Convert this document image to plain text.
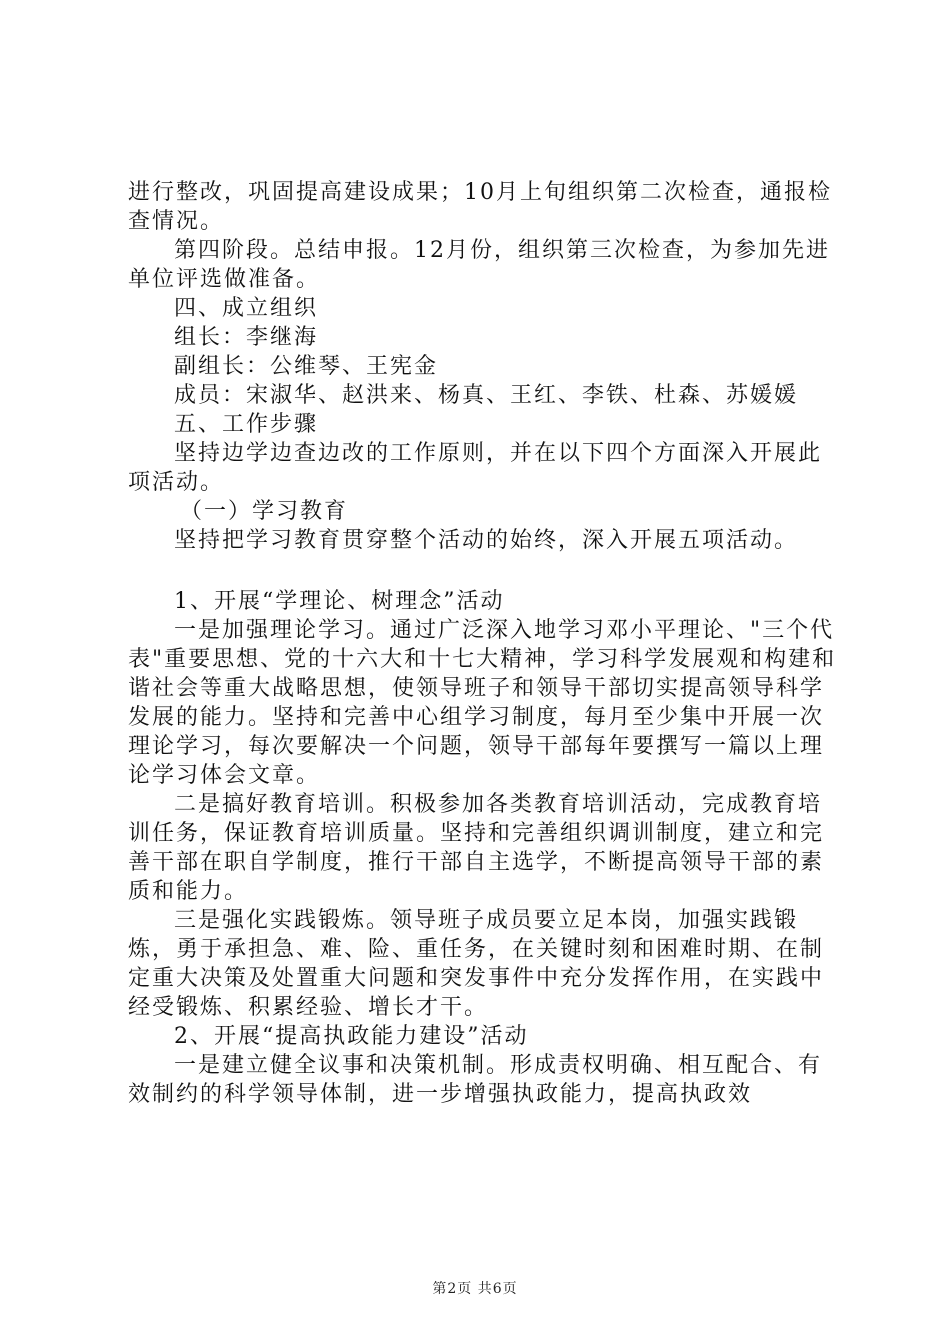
进行整改，巩固提高建设成果；10月上旬组织第二次检查，通报检查情况。

第四阶段。总结申报。12月份，组织第三次检查，为参加先进单位评选做准备。

四、成立组织

组长：李继海

副组长：公维琴、王宪金

成员：宋淑华、赵洪来、杨真、王红、李铁、杜森、苏媛媛

五、工作步骤

坚持边学边查边改的工作原则，并在以下四个方面深入开展此项活动。

（一）学习教育

坚持把学习教育贯穿整个活动的始终，深入开展五项活动。

1、开展“学理论、树理念”活动

一是加强理论学习。通过广泛深入地学习邓小平理论、"三个代表"重要思想、党的十六大和十七大精神，学习科学发展观和构建和谐社会等重大战略思想，使领导班子和领导干部切实提高领导科学发展的能力。坚持和完善中心组学习制度，每月至少集中开展一次理论学习，每次要解决一个问题，领导干部每年要撰写一篇以上理论学习体会文章。

二是搞好教育培训。积极参加各类教育培训活动，完成教育培训任务，保证教育培训质量。坚持和完善组织调训制度，建立和完善干部在职自学制度，推行干部自主选学，不断提高领导干部的素质和能力。

三是强化实践锻炼。领导班子成员要立足本岗，加强实践锻炼，勇于承担急、难、险、重任务，在关键时刻和困难时期、在制定重大决策及处置重大问题和突发事件中充分发挥作用，在实践中经受锻炼、积累经验、增长才干。

2、开展“提高执政能力建设”活动

一是建立健全议事和决策机制。形成责权明确、相互配合、有效制约的科学领导体制，进一步增强执政能力，提高执政效

第2页 共6页
